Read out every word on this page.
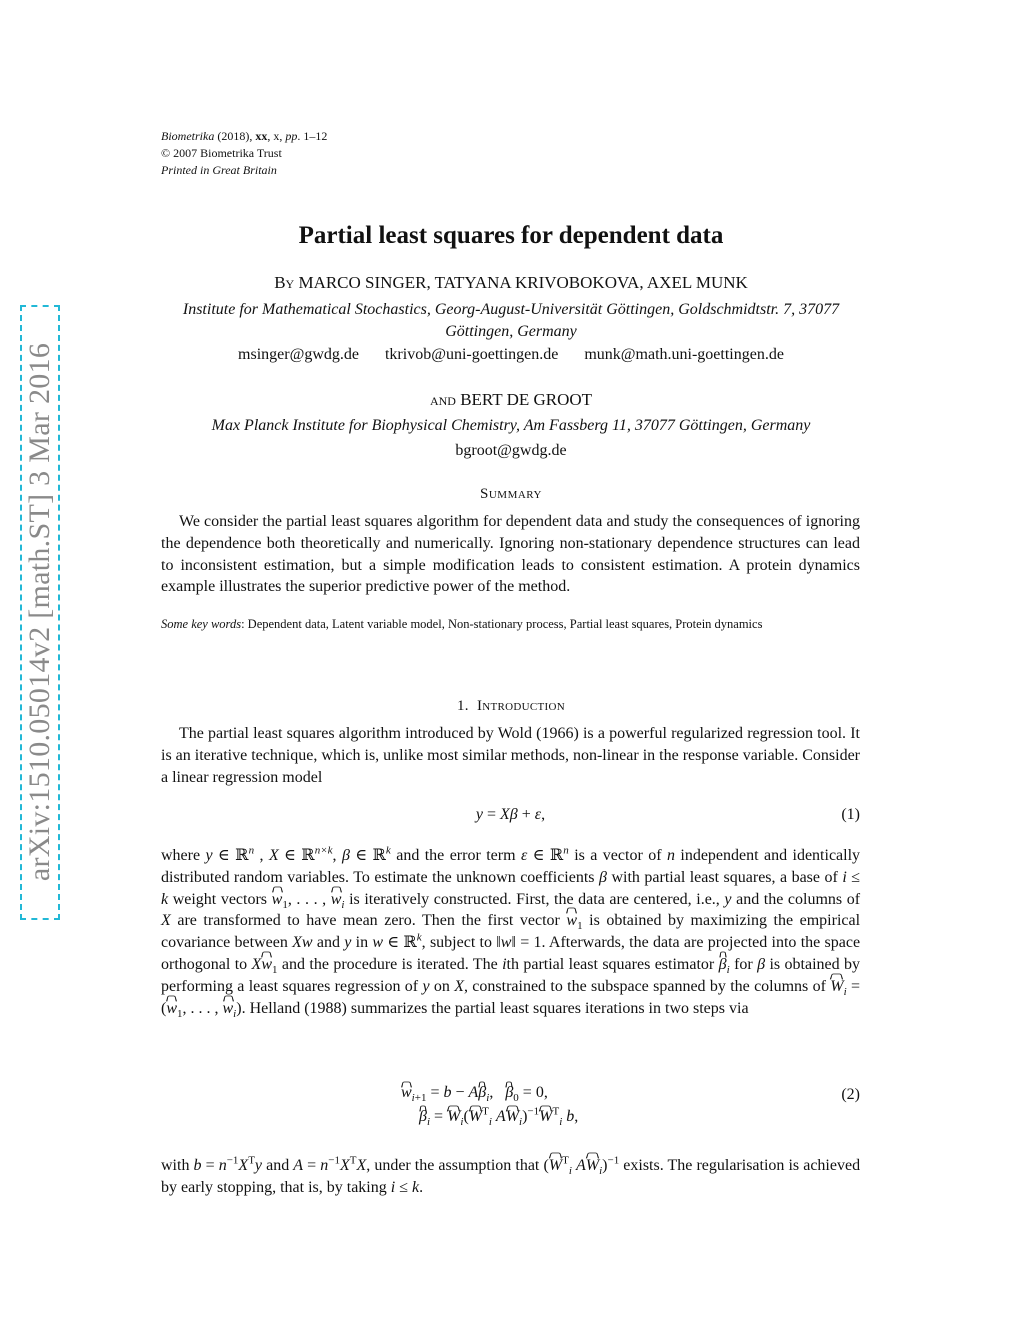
arXiv:1510.05014v2 [math.ST] 3 Mar 2016
Biometrika (2018), xx, x, pp. 1–12
© 2007 Biometrika Trust
Printed in Great Britain
Partial least squares for dependent data
By MARCO SINGER, TATYANA KRIVOBOKOVA, AXEL MUNK
Institute for Mathematical Stochastics, Georg-August-Universität Göttingen, Goldschmidtstr. 7, 37077 Göttingen, Germany
msinger@gwdg.de tkrivob@uni-goettingen.de munk@math.uni-goettingen.de
and BERT DE GROOT
Max Planck Institute for Biophysical Chemistry, Am Fassberg 11, 37077 Göttingen, Germany
bgroot@gwdg.de
Summary
We consider the partial least squares algorithm for dependent data and study the consequences of ignoring the dependence both theoretically and numerically. Ignoring non-stationary dependence structures can lead to inconsistent estimation, but a simple modification leads to consistent estimation. A protein dynamics example illustrates the superior predictive power of the method.
Some key words: Dependent data, Latent variable model, Non-stationary process, Partial least squares, Protein dynamics
1. Introduction
The partial least squares algorithm introduced by Wold (1966) is a powerful regularized regression tool. It is an iterative technique, which is, unlike most similar methods, non-linear in the response variable. Consider a linear regression model
y = Xβ + ε,	(1)
where y ∈ ℝ$^n$ , X ∈ ℝ$^{n\times k}$, β ∈ ℝ$^k$ and the error term ε ∈ ℝ$^n$ is a vector of n independent and identically distributed random variables. To estimate the unknown coefficients β with partial least squares, a base of i ≤ k weight vectors $w_1$, . . . , $w_i$ is iteratively constructed. First, the data are centered, i.e., y and the columns of X are transformed to have mean zero. Then the first vector $w_1$ is obtained by maximizing the empirical covariance between Xw and y in w ∈ ℝ$^k$, subject to ‖w‖ = 1. Afterwards, the data are projected into the space orthogonal to $Xw_1$ and the procedure is iterated. The ith partial least squares estimator $\beta_i$ for β is obtained by performing a least squares regression of y on X, constrained to the subspace spanned by the columns of $W_i = (w_1$, . . . , $w_i$). Helland (1988) summarizes the partial least squares iterations in two steps via
$w_{i+1} = b - A\beta_i$,   $\beta_0 = 0$,
$\beta_i = W_i(W^T_i$ $AW_i)^{-1}W^T_i$ b,
(2)
with $b = n^{-1}X^Ty$ and $A = n^{-1}X^TX$, under the assumption that ($W^T_i$ $AW_i)^{-1}$ exists. The regularisation is achieved by early stopping, that is, by taking i ≤ k.
